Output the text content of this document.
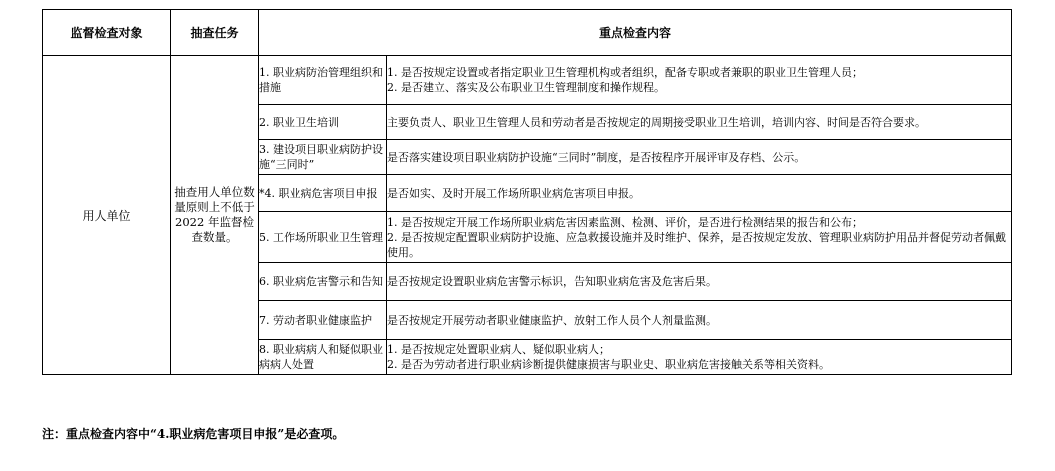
监督检查对象	抽查任务	重点检查内容	
用人单位	抽查用人单位数量原则上不低于 2022 年监督检查数量。	1. 职业病防治管理组织和措施	1. 是否按规定设置或者指定职业卫生管理机构或者组织，配备专职或者兼职的职业卫生管理人员；
2. 是否建立、落实及公布职业卫生管理制度和操作规程。
		2. 职业卫生培训	主要负责人、职业卫生管理人员和劳动者是否按规定的周期接受职业卫生培训，培训内容、时间是否符合要求。
		3. 建设项目职业病防护设施“三同时”	是否落实建设项目职业病防护设施“三同时”制度，是否按程序开展评审及存档、公示。
		*4. 职业病危害项目申报	是否如实、及时开展工作场所职业病危害项目申报。
		5. 工作场所职业卫生管理	1. 是否按规定开展工作场所职业病危害因素监测、检测、评价，是否进行检测结果的报告和公布；
2. 是否按规定配置职业病防护设施、应急救援设施并及时维护、保养，是否按规定发放、管理职业病防护用品并督促劳动者佩戴使用。
		6. 职业病危害警示和告知	是否按规定设置职业病危害警示标识，告知职业病危害及危害后果。
		7. 劳动者职业健康监护	是否按规定开展劳动者职业健康监护、放射工作人员个人剂量监测。
		8. 职业病病人和疑似职业病病人处置	1. 是否按规定处置职业病人、疑似职业病人；
2. 是否为劳动者进行职业病诊断提供健康损害与职业史、职业病危害接触关系等相关资料。
注：重点检查内容中“4.职业病危害项目申报”是必查项。
